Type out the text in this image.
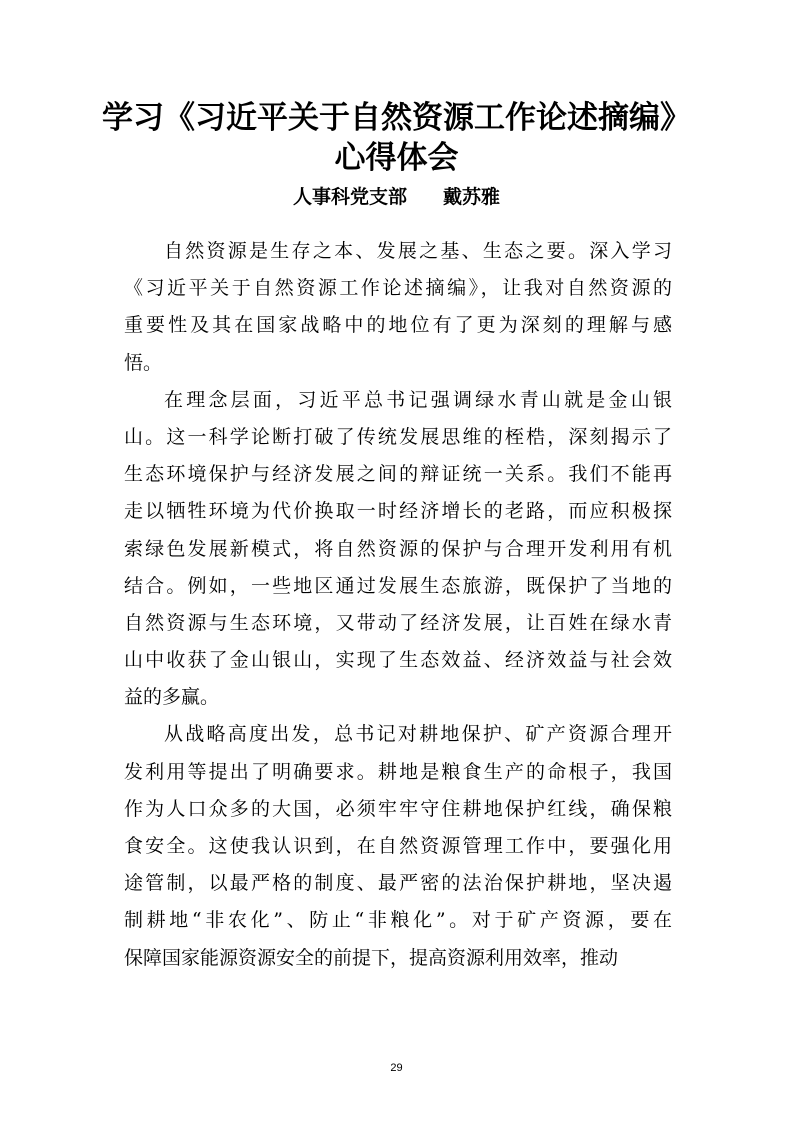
学习《习近平关于自然资源工作论述摘编》
心得体会
人事科党支部 戴苏雅
自然资源是生存之本、发展之基、生态之要。深入学习
《习近平关于自然资源工作论述摘编》，让我对自然资源的
重要性及其在国家战略中的地位有了更为深刻的理解与感
悟。
在理念层面，习近平总书记强调绿水青山就是金山银
山。这一科学论断打破了传统发展思维的桎梏，深刻揭示了
生态环境保护与经济发展之间的辩证统一关系。我们不能再
走以牺牲环境为代价换取一时经济增长的老路，而应积极探
索绿色发展新模式，将自然资源的保护与合理开发利用有机
结合。例如，一些地区通过发展生态旅游，既保护了当地的
自然资源与生态环境，又带动了经济发展，让百姓在绿水青
山中收获了金山银山，实现了生态效益、经济效益与社会效
益的多赢。
从战略高度出发，总书记对耕地保护、矿产资源合理开
发利用等提出了明确要求。耕地是粮食生产的命根子，我国
作为人口众多的大国，必须牢牢守住耕地保护红线，确保粮
食安全。这使我认识到，在自然资源管理工作中，要强化用
途管制，以最严格的制度、最严密的法治保护耕地，坚决遏
制耕地“非农化”、防止“非粮化”。对于矿产资源，要在
保障国家能源资源安全的前提下，提高资源利用效率，推动
29
